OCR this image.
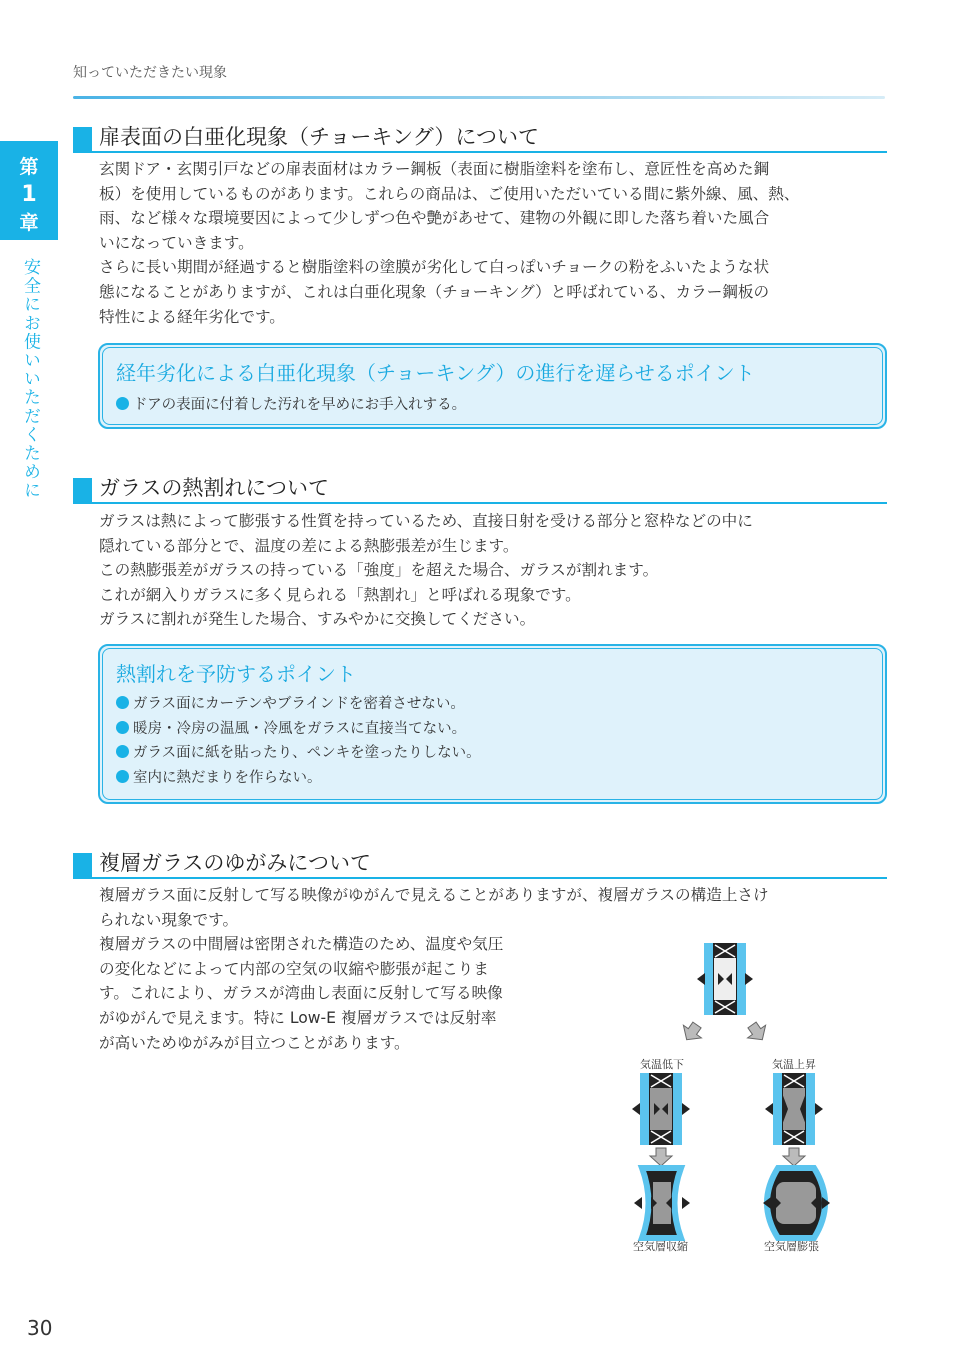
知っていただきたい現象
第
1
章
安全にお使いいただくために
扉表面の白亜化現象（チョーキング）について
玄関ドア・玄関引戸などの扉表面材はカラー鋼板（表面に樹脂塗料を塗布し、意匠性を高めた鋼
板）を使用しているものがあります。これらの商品は、ご使用いただいている間に紫外線、風、熱、
雨、など様々な環境要因によって少しずつ色や艶があせて、建物の外観に即した落ち着いた風合
いになっていきます。
さらに長い期間が経過すると樹脂塗料の塗膜が劣化して白っぽいチョークの粉をふいたような状
態になることがありますが、これは白亜化現象（チョーキング）と呼ばれている、カラー鋼板の
特性による経年劣化です。
経年劣化による白亜化現象（チョーキング）の進行を遅らせるポイント
ドアの表面に付着した汚れを早めにお手入れする。
ガラスの熱割れについて
ガラスは熱によって膨張する性質を持っているため、直接日射を受ける部分と窓枠などの中に
隠れている部分とで、温度の差による熱膨張差が生じます。
この熱膨張差がガラスの持っている「強度」を超えた場合、ガラスが割れます。
これが網入りガラスに多く見られる「熱割れ」と呼ばれる現象です。
ガラスに割れが発生した場合、すみやかに交換してください。
熱割れを予防するポイント
ガラス面にカーテンやブラインドを密着させない。
暖房・冷房の温風・冷風をガラスに直接当てない。
ガラス面に紙を貼ったり、ペンキを塗ったりしない。
室内に熱だまりを作らない。
複層ガラスのゆがみについて
複層ガラス面に反射して写る映像がゆがんで見えることがありますが、複層ガラスの構造上さけ
られない現象です。
複層ガラスの中間層は密閉された構造のため、温度や気圧
の変化などによって内部の空気の収縮や膨張が起こりま
す。これにより、ガラスが湾曲し表面に反射して写る映像
がゆがんで見えます。特に Low-E 複層ガラスでは反射率
が高いためゆがみが目立つことがあります。
気温低下	気温上昇
空気層収縮	空気層膨張
30
